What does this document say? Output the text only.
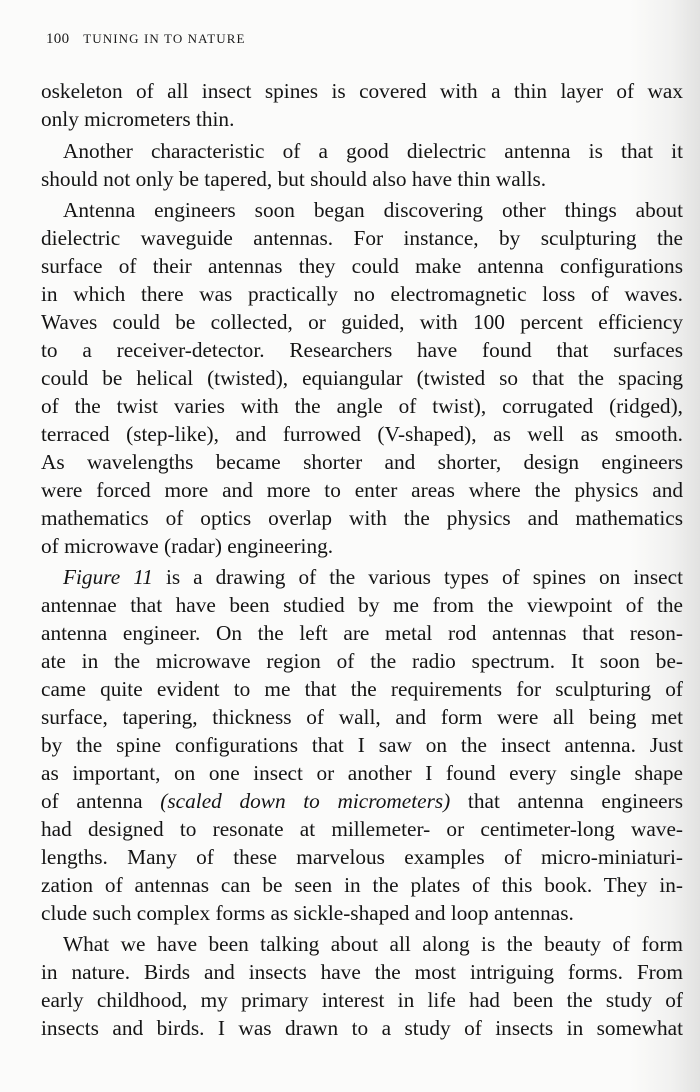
100 TUNING IN TO NATURE
oskeleton of all insect spines is covered with a thin layer of wax
only micrometers thin.
Another characteristic of a good dielectric antenna is that it
should not only be tapered, but should also have thin walls.
Antenna engineers soon began discovering other things about
dielectric waveguide antennas. For instance, by sculpturing the
surface of their antennas they could make antenna configurations
in which there was practically no electromagnetic loss of waves.
Waves could be collected, or guided, with 100 percent efficiency
to a receiver-detector. Researchers have found that surfaces
could be helical (twisted), equiangular (twisted so that the spacing
of the twist varies with the angle of twist), corrugated (ridged),
terraced (step-like), and furrowed (V-shaped), as well as smooth.
As wavelengths became shorter and shorter, design engineers
were forced more and more to enter areas where the physics and
mathematics of optics overlap with the physics and mathematics
of microwave (radar) engineering.
Figure 11 is a drawing of the various types of spines on insect
antennae that have been studied by me from the viewpoint of the
antenna engineer. On the left are metal rod antennas that reson-
ate in the microwave region of the radio spectrum. It soon be-
came quite evident to me that the requirements for sculpturing of
surface, tapering, thickness of wall, and form were all being met
by the spine configurations that I saw on the insect antenna. Just
as important, on one insect or another I found every single shape
of antenna (scaled down to micrometers) that antenna engineers
had designed to resonate at millemeter- or centimeter-long wave-
lengths. Many of these marvelous examples of micro-miniaturi-
zation of antennas can be seen in the plates of this book. They in-
clude such complex forms as sickle-shaped and loop antennas.
What we have been talking about all along is the beauty of form
in nature. Birds and insects have the most intriguing forms. From
early childhood, my primary interest in life had been the study of
insects and birds. I was drawn to a study of insects in somewhat
